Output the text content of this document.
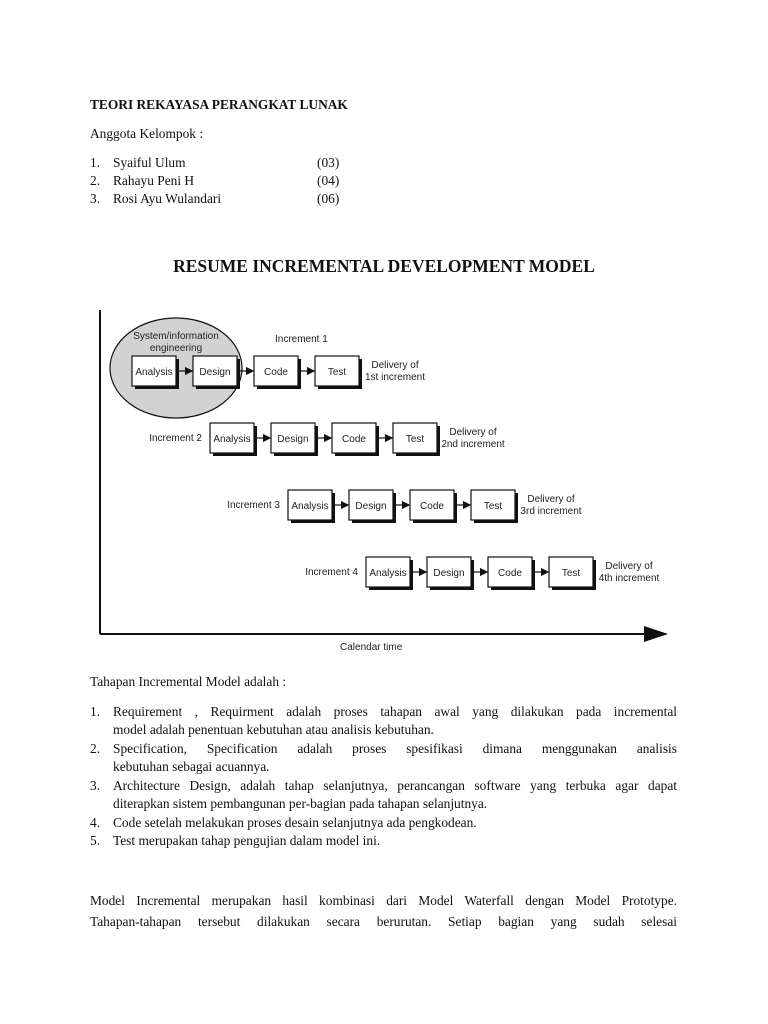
TEORI REKAYASA PERANGKAT LUNAK
Anggota Kelompok :
1. Syaiful Ulum	(03)
2. Rahayu Peni H	(04)
3. Rosi Ayu Wulandari	(06)
RESUME INCREMENTAL DEVELOPMENT MODEL
Calendar time
System/information
engineering
Increment 1
Analysis	Design	Code	Test
Delivery of
1st increment
Increment 2 Analysis	Design	Code	Test
Delivery of
2nd increment
Increment 3 Analysis	Design	Code	Test
Delivery of
3rd increment
Increment 4 Analysis	Design	Code	Test
Delivery of
4th increment
Tahapan Incremental Model adalah :
1. Requirement , Requirment adalah proses tahapan awal yang dilakukan pada incremental
model adalah penentuan kebutuhan atau analisis kebutuhan.
2. Specification, Specification adalah proses spesifikasi dimana menggunakan analisis
kebutuhan sebagai acuannya.
3. Architecture Design, adalah tahap selanjutnya, perancangan software yang terbuka agar dapat
diterapkan sistem pembangunan per-bagian pada tahapan selanjutnya.
4. Code setelah melakukan proses desain selanjutnya ada pengkodean.
5. Test merupakan tahap pengujian dalam model ini.
Model Incremental merupakan hasil kombinasi dari Model Waterfall dengan Model Prototype.
Tahapan-tahapan tersebut dilakukan secara berurutan. Setiap bagian yang sudah selesai
